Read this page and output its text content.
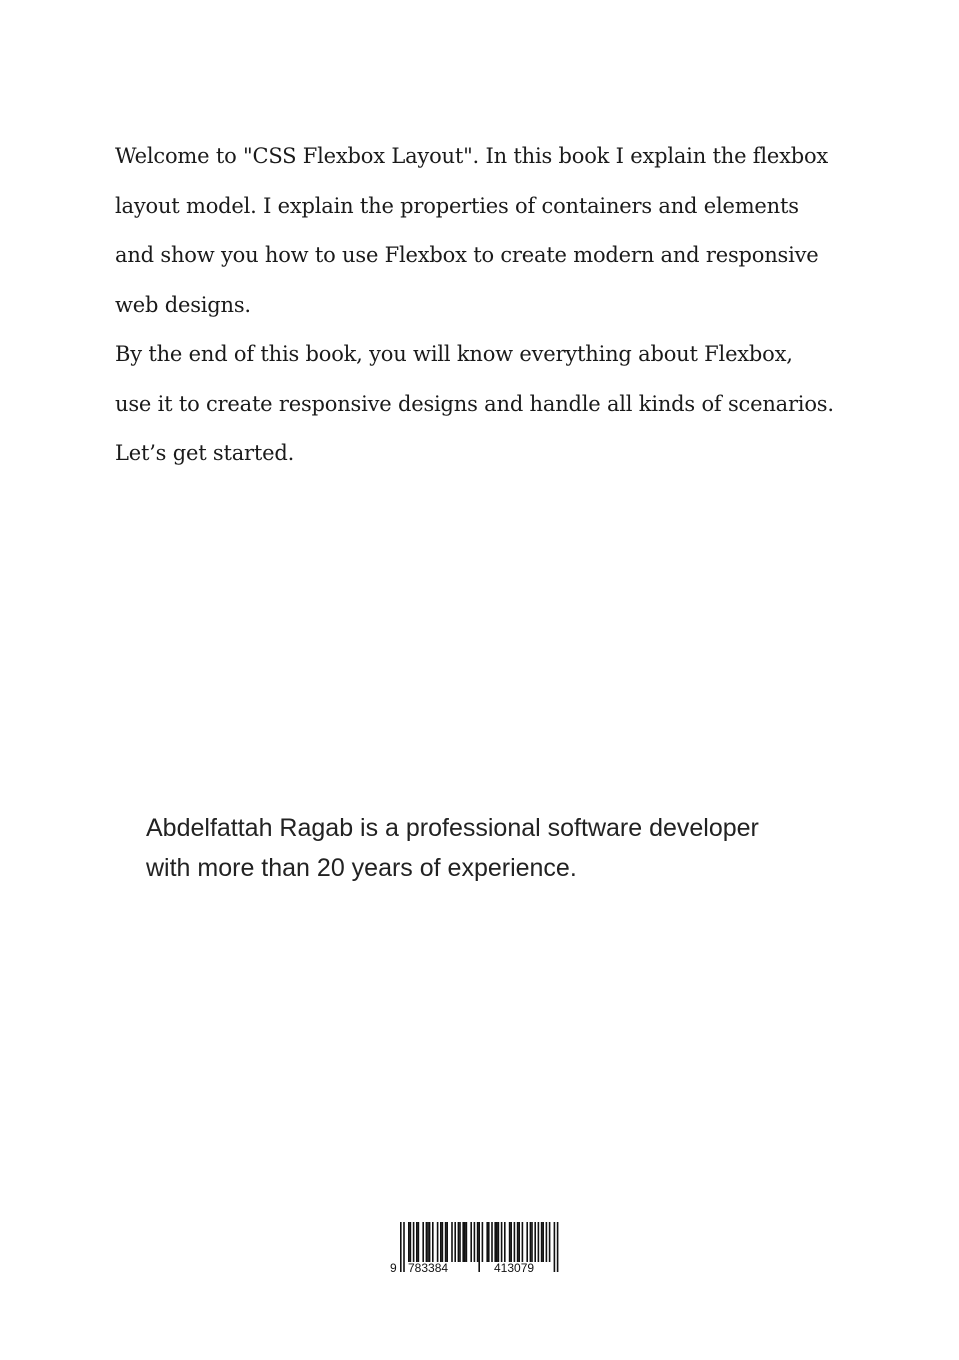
Welcome to "CSS Flexbox Layout". In this book I explain the flexbox
layout model. I explain the properties of containers and elements
and show you how to use Flexbox to create modern and responsive
web designs.
By the end of this book, you will know everything about Flexbox,
use it to create responsive designs and handle all kinds of scenarios.
Let’s get started.
Abdelfattah Ragab is a professional software developer
with more than 20 years of experience.
9 783384	413079
